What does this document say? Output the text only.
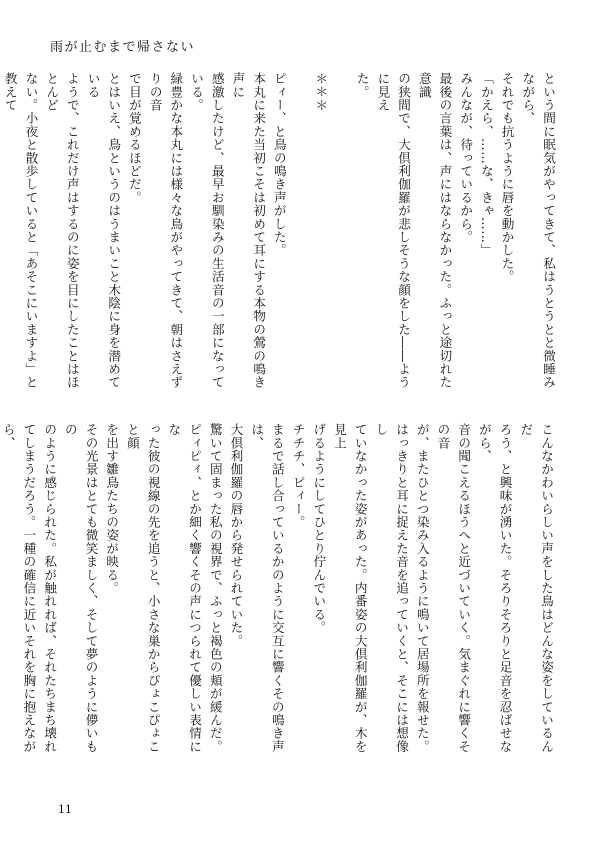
雨が止むまで帰さない

という間に眠気がやってきて、私はうとうとと微睡みながら、

それでも抗うように唇を動かした。

「かえら、……な、きゃ……」

みんなが、待っているから。

最後の言葉は、声にはならなかった。ふっと途切れた意識

の狭間で、大倶利伽羅が悲しそうな顔をした――ように見え

た。

＊＊＊

ピィー、と鳥の鳴き声がした。

本丸に来た当初こそは初めて耳にする本物の鶯の鳴き声に

感激したけど、最早お馴染みの生活音の一部になっている。

緑豊かな本丸には様々な鳥がやってきて、朝はさえずりの音

で目が覚めるほどだ。

とはいえ、鳥というのはうまいこと木陰に身を潜めている

ようで、これだけ声はするのに姿を目にしたことはほとんど

ない。小夜と散歩していると「あそこにいますよ」と教えて

こんなかわいらしい声をした鳥はどんな姿をしているんだ

ろう、と興味が湧いた。そろりそろりと足音を忍ばせながら、

音の聞こえるほうへと近づいていく。気まぐれに響くその音

が、またひとつ染み入るように鳴いて居場所を報せた。

はっきりと耳に捉えた音を追っていくと、そこには想像し

ていなかった姿があった。内番姿の大倶利伽羅が、木を見上

げるようにしてひとり佇んでいる。

チチチ、ピィー。

まるで話し合っているかのように交互に響くその鳴き声は、

大倶利伽羅の唇から発せられていた。

驚いて固まった私の視界で、ふっと褐色の頬が緩んだ。

ピィピィ、とか細く響くその声につられて優しい表情にな

った彼の視線の先を追うと、小さな巣からぴょこぴょこと顔

を出す雛鳥たちの姿が映る。

その光景はとても微笑ましく、そして夢のように儚いもの

のように感じられた。私が触れれば、それたちまち壊れ

てしまうだろう。一種の確信に近いそれを胸に抱えながら、

11
